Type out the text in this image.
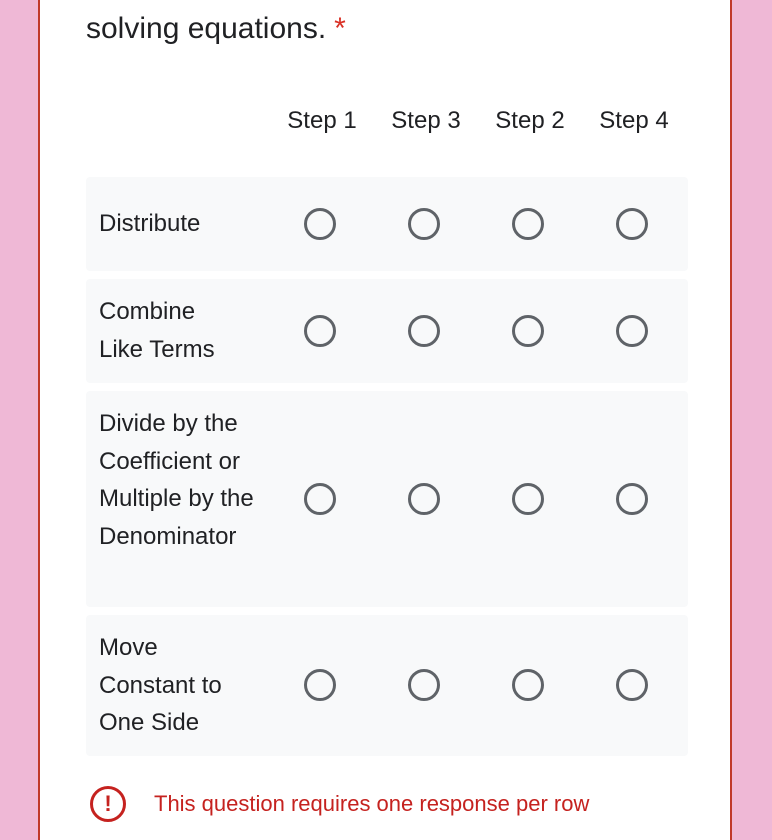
solving equations. *
Step 1	Step 3	Step 2	Step 4
Distribute
Combine Like Terms
Divide by the Coefficient or Multiple by the Denominator
Move Constant to One Side
!	This question requires one response per row
